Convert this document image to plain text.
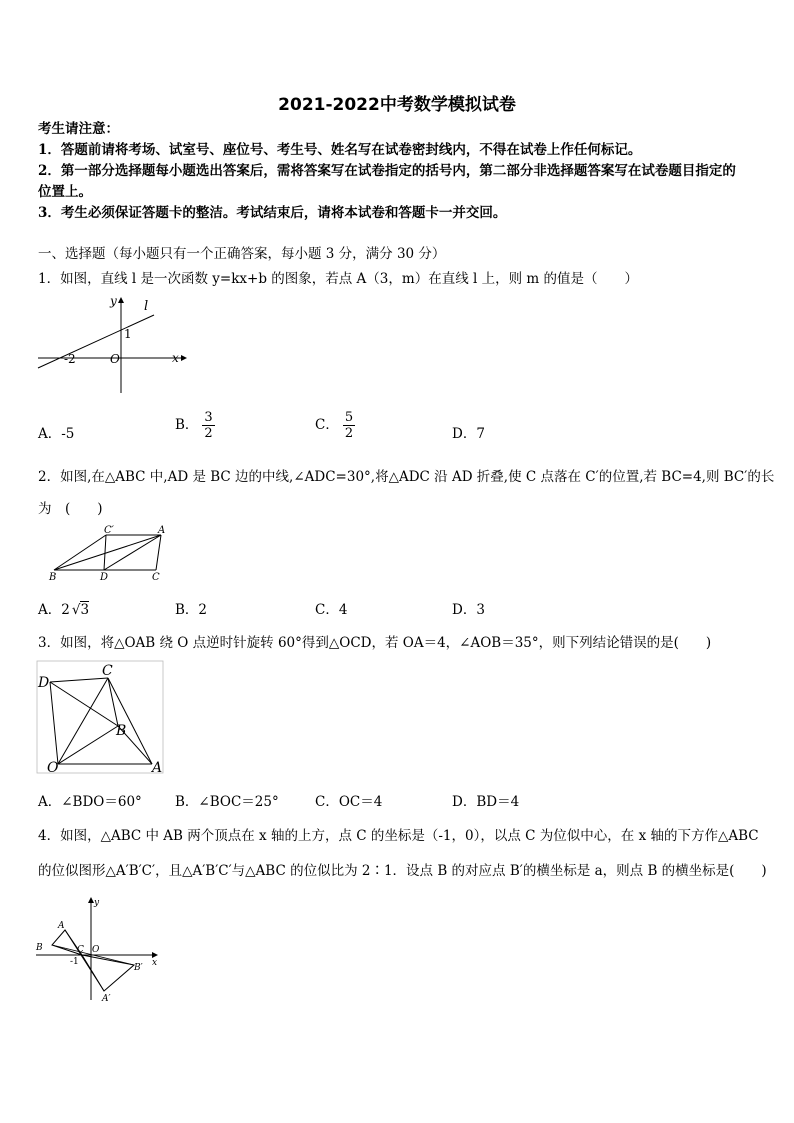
2021-2022中考数学模拟试卷
考生请注意：
1．答题前请将考场、试室号、座位号、考生号、姓名写在试卷密封线内，不得在试卷上作任何标记。
2．第一部分选择题每小题选出答案后，需将答案写在试卷指定的括号内，第二部分非选择题答案写在试卷题目指定的
位置上。
3．考生必须保证答题卡的整洁。考试结束后，请将本试卷和答题卡一并交回。
一、选择题（每小题只有一个正确答案，每小题 3 分，满分 30 分）
1．如图，直线 l 是一次函数 y=kx+b 的图象，若点 A（3，m）在直线 l 上，则 m 的值是（　　）
y l
1
-2	O	x
A．-5
B． $\frac{3}{2}$	C． $\frac{5}{2}$	D．7
2．如图,在△ABC 中,AD 是 BC 边的中线,∠ADC=30°,将△ADC 沿 AD 折叠,使 C 点落在 C′的位置,若 BC=4,则 BC′的长
为　(　　)
C′	A
B	D	C
A．2 √3	B．2	C．4	D．3
3．如图，将△OAB 绕 O 点逆时针旋转 60°得到△OCD，若 OA＝4，∠AOB＝35°，则下列结论错误的是(　　)
C
D
B
O	A
A．∠BDO＝60° B．∠BOC＝25°	C．OC＝4	D．BD＝4
4．如图，△ABC 中 AB 两个顶点在 x 轴的上方，点 C 的坐标是（-1，0），以点 C 为位似中心，在 x 轴的下方作△ABC
的位似图形△A′B′C′，且△A′B′C′与△ABC 的位似比为 2∶1．设点 B 的对应点 B′的横坐标是 a，则点 B 的横坐标是(　　)
y
A
B	C O
-1	x
B′
A′
